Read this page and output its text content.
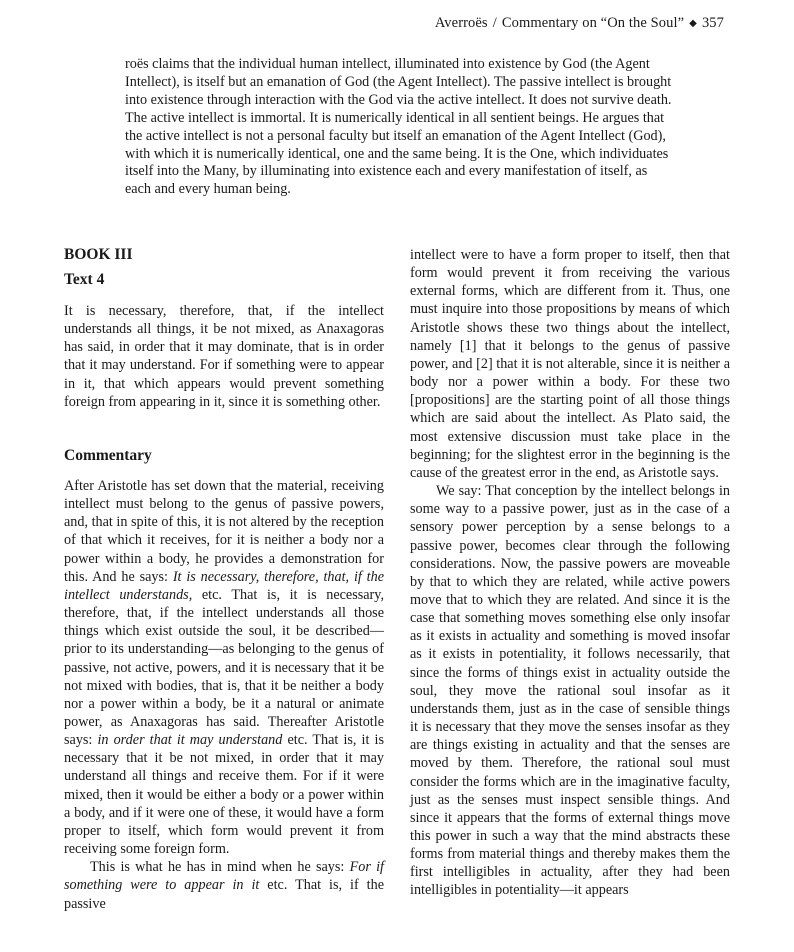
Averroës / Commentary on “On the Soul” ◆ 357

roës claims that the individual human intellect, illuminated into existence by God (the Agent Intellect), is itself but an emanation of God (the Agent Intellect). The passive intellect is brought into existence through interaction with the God via the active intellect. It does not survive death. The active intellect is immortal. It is numerically identical in all sentient beings. He argues that the active intellect is not a personal faculty but itself an emanation of the Agent Intellect (God), with which it is numerically identical, one and the same being. It is the One, which individuates itself into the Many, by illuminating into existence each and every manifestation of itself, as each and every human being.

BOOK III
Text 4

It is necessary, therefore, that, if the intellect understands all things, it be not mixed, as Anaxagoras has said, in order that it may dominate, that is in order that it may understand. For if something were to appear in it, that which appears would prevent something foreign from appearing in it, since it is something other.

Commentary

After Aristotle has set down that the material, receiving intellect must belong to the genus of passive powers, and, that in spite of this, it is not altered by the reception of that which it receives, for it is neither a body nor a power within a body, he provides a demonstration for this. And he says: It is necessary, therefore, that, if the intellect understands, etc. That is, it is necessary, therefore, that, if the intellect understands all those things which exist outside the soul, it be described—prior to its understanding—as belonging to the genus of passive, not active, powers, and it is necessary that it be not mixed with bodies, that is, that it be neither a body nor a power within a body, be it a natural or animate power, as Anaxagoras has said. Thereafter Aristotle says: in order that it may understand etc. That is, it is necessary that it be not mixed, in order that it may understand all things and receive them. For if it were mixed, then it would be either a body or a power within a body, and if it were one of these, it would have a form proper to itself, which form would prevent it from receiving some foreign form.

This is what he has in mind when he says: For if something were to appear in it etc. That is, if the passive

intellect were to have a form proper to itself, then that form would prevent it from receiving the various external forms, which are different from it. Thus, one must inquire into those propositions by means of which Aristotle shows these two things about the intellect, namely [1] that it belongs to the genus of passive power, and [2] that it is not alterable, since it is neither a body nor a power within a body. For these two [propositions] are the starting point of all those things which are said about the intellect. As Plato said, the most extensive discussion must take place in the beginning; for the slightest error in the beginning is the cause of the greatest error in the end, as Aristotle says.

We say: That conception by the intellect belongs in some way to a passive power, just as in the case of a sensory power perception by a sense belongs to a passive power, becomes clear through the following considerations. Now, the passive powers are moveable by that to which they are related, while active powers move that to which they are related. And since it is the case that something moves something else only insofar as it exists in actuality and something is moved insofar as it exists in potentiality, it follows necessarily, that since the forms of things exist in actuality outside the soul, they move the rational soul insofar as it understands them, just as in the case of sensible things it is necessary that they move the senses insofar as they are things existing in actuality and that the senses are moved by them. Therefore, the rational soul must consider the forms which are in the imaginative faculty, just as the senses must inspect sensible things. And since it appears that the forms of external things move this power in such a way that the mind abstracts these forms from material things and thereby makes them the first intelligibles in actuality, after they had been intelligibles in potentiality—it appears
